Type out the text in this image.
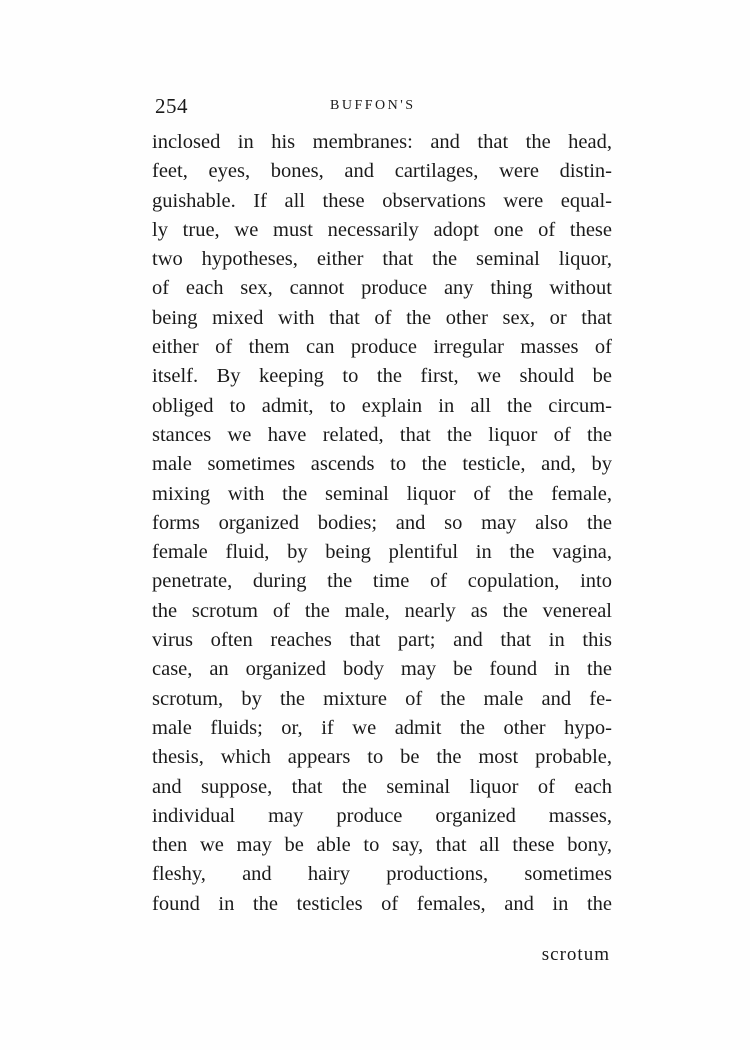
254	BUFFON'S
inclosed in his membranes: and that the head,
feet, eyes, bones, and cartilages, were distin-
guishable. If all these observations were equal-
ly true, we must necessarily adopt one of these
two hypotheses, either that the seminal liquor,
of each sex, cannot produce any thing without
being mixed with that of the other sex, or that
either of them can produce irregular masses of
itself. By keeping to the first, we should be
obliged to admit, to explain in all the circum-
stances we have related, that the liquor of the
male sometimes ascends to the testicle, and, by
mixing with the seminal liquor of the female,
forms organized bodies; and so may also the
female fluid, by being plentiful in the vagina,
penetrate, during the time of copulation, into
the scrotum of the male, nearly as the venereal
virus often reaches that part; and that in this
case, an organized body may be found in the
scrotum, by the mixture of the male and fe-
male fluids; or, if we admit the other hypo-
thesis, which appears to be the most probable,
and suppose, that the seminal liquor of each
individual may produce organized masses,
then we may be able to say, that all these bony,
fleshy, and hairy productions, sometimes
found in the testicles of females, and in the
scrotum
